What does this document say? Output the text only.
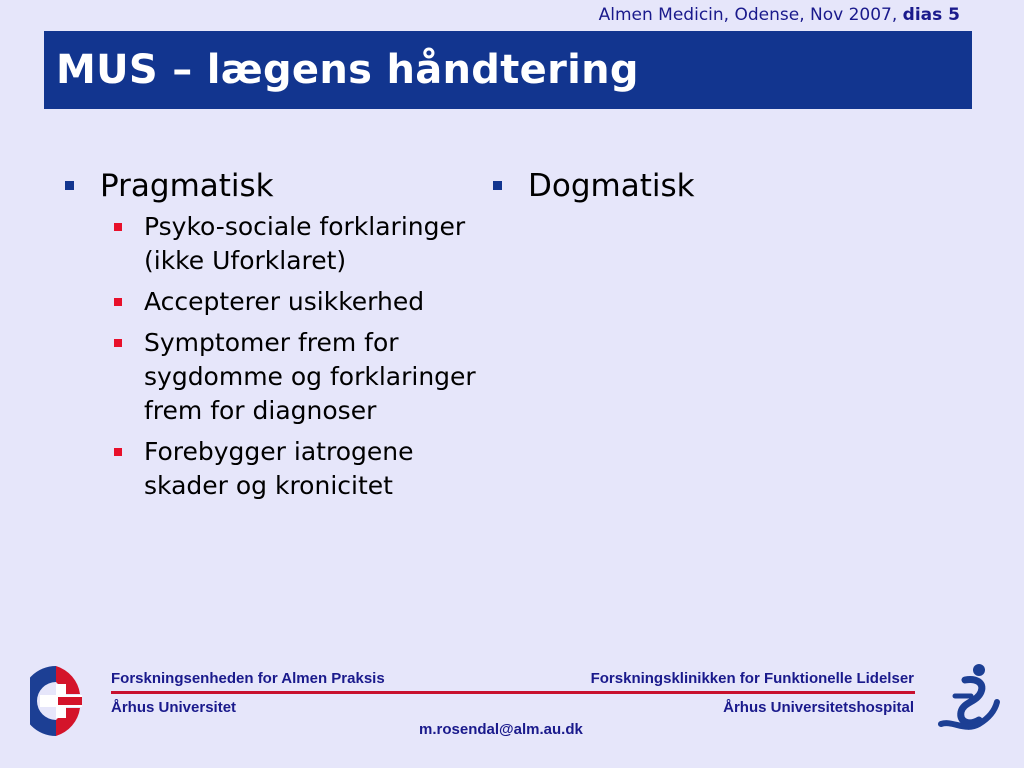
Almen Medicin, Odense, Nov 2007, dias 5
MUS – lægens håndtering
Pragmatisk
Psyko-sociale forklaringer (ikke Uforklaret)
Accepterer usikkerhed
Symptomer frem for sygdomme og forklaringer frem for diagnoser
Forebygger iatrogene skader og kronicitet
Dogmatisk
Forskningsenheden for Almen Praksis	Forskningsklinikken for Funktionelle Lidelser
Århus Universitet	Århus Universitetshospital
m.rosendal@alm.au.dk
